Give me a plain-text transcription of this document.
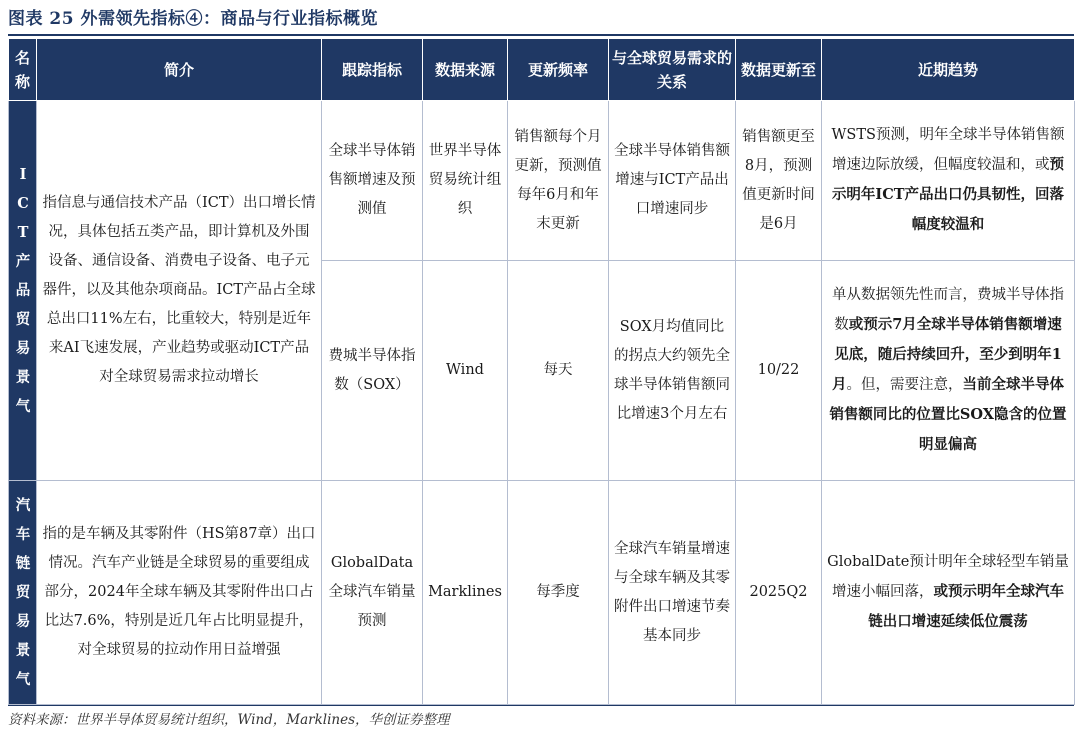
图表 25 外需领先指标④：商品与行业指标概览
名称	简介	跟踪指标	数据来源	更新频率	与全球贸易需求的关系	数据更新至	近期趋势

ICT产品贸易景气	指信息与通信技术产品（ICT）出口增长情况，具体包括五类产品，即计算机及外围设备、通信设备、消费电子设备、电子元器件，以及其他杂项商品。ICT产品占全球总出口11%左右，比重较大，特别是近年来AI飞速发展，产业趋势或驱动ICT产品对全球贸易需求拉动增长	全球半导体销售额增速及预测值	世界半导体贸易统计组织	销售额每个月更新，预测值每年6月和年末更新	全球半导体销售额增速与ICT产品出口增速同步	销售额更至8月，预测值更新时间是6月	WSTS预测，明年全球半导体销售额增速边际放缓，但幅度较温和，或预示明年ICT产品出口仍具韧性，回落幅度较温和
		费城半导体指数（SOX）	Wind	每天	SOX月均值同比的拐点大约领先全球半导体销售额同比增速3个月左右	10/22	单从数据领先性而言，费城半导体指数或预示7月全球半导体销售额增速见底，随后持续回升，至少到明年1月。但，需要注意，当前全球半导体销售额同比的位置比SOX隐含的位置明显偏高

汽车链贸易景气	指的是车辆及其零附件（HS第87章）出口情况。汽车产业链是全球贸易的重要组成部分，2024年全球车辆及其零附件出口占比达7.6%，特别是近几年占比明显提升，对全球贸易的拉动作用日益增强	GlobalData全球汽车销量预测	Marklines	每季度	全球汽车销量增速与全球车辆及其零附件出口增速节奏基本同步	2025Q2	GlobalDate预计明年全球轻型车销量增速小幅回落，或预示明年全球汽车链出口增速延续低位震荡
资料来源：世界半导体贸易统计组织，Wind，Marklines，华创证券整理
